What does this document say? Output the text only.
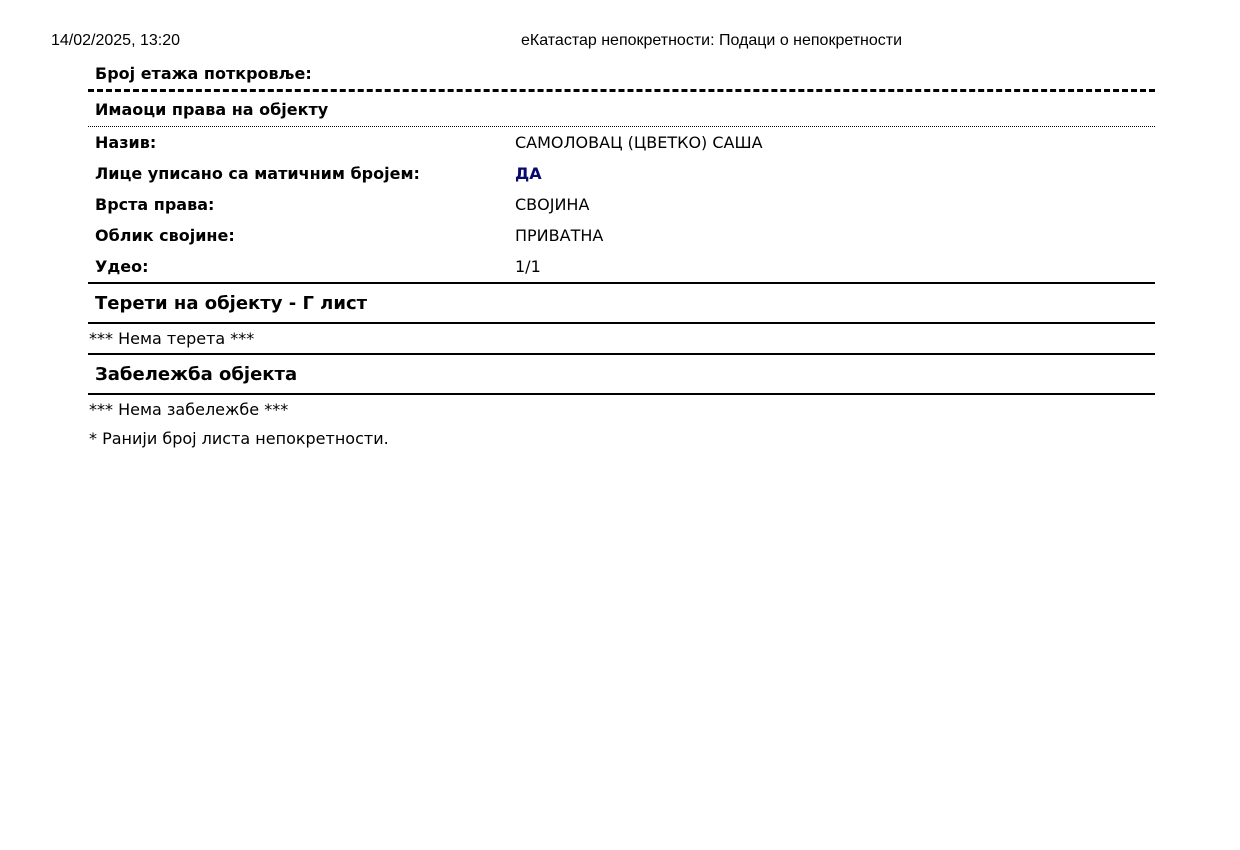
14/02/2025, 13:20	еКатастар непокретности: Подаци о непокретности
Број етажа поткровље:
Имаоци права на објекту
Назив:	САМОЛОВАЦ (ЦВЕТКО) САША
Лице уписано са матичним бројем:	ДА
Врста права:	СВОЈИНА
Облик својине:	ПРИВАТНА
Удео:	1/1
Терети на објекту - Г лист
*** Нема терета ***
Забележба објекта
*** Нема забележбе ***
* Ранији број листа непокретности.
